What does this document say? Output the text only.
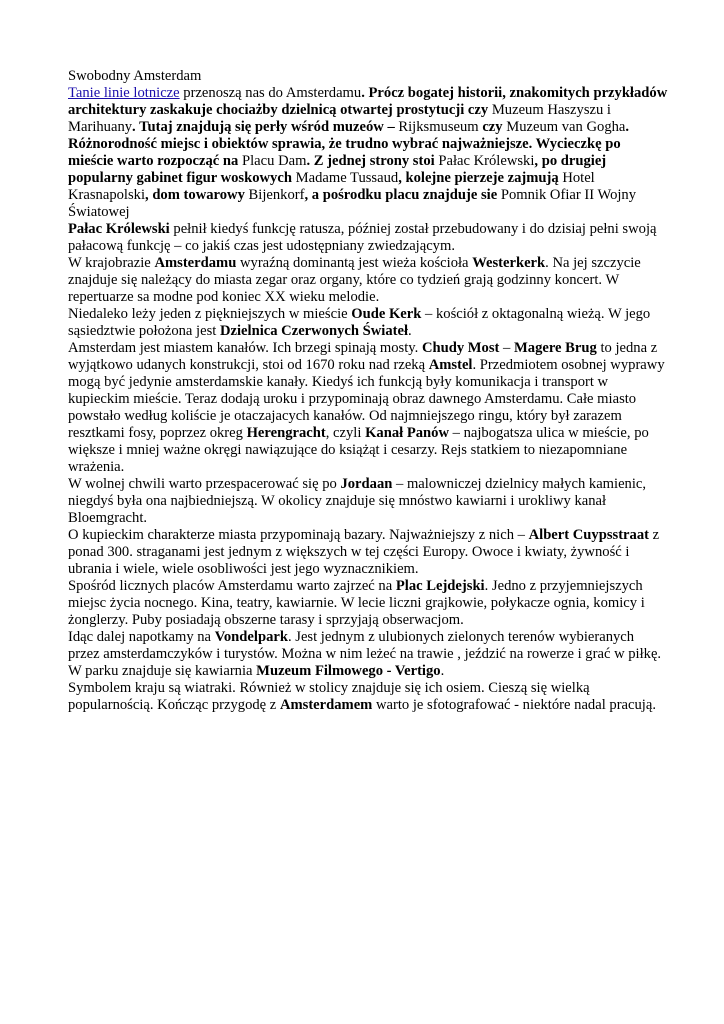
Swobodny Amsterdam

Tanie linie lotnicze przenoszą nas do Amsterdamu. Prócz bogatej historii, znakomitych przykładów architektury zaskakuje chociażby dzielnicą otwartej prostytucji czy Muzeum Haszyszu i Marihuany. Tutaj znajdują się perły wśród muzeów – Rijksmuseum czy Muzeum van Gogha. Różnorodność miejsc i obiektów sprawia, że trudno wybrać najważniejsze. Wycieczkę po mieście warto rozpocząć na Placu Dam. Z jednej strony stoi Pałac Królewski, po drugiej popularny gabinet figur woskowych Madame Tussaud, kolejne pierzeje zajmują Hotel Krasnapolski, dom towarowy Bijenkorf, a pośrodku placu znajduje sie Pomnik Ofiar II Wojny Światowej

Pałac Królewski pełnił kiedyś funkcję ratusza, później został przebudowany i do dzisiaj pełni swoją pałacową funkcję – co jakiś czas jest udostępniany zwiedzającym.

W krajobrazie Amsterdamu wyraźną dominantą jest wieża kościoła Westerkerk. Na jej szczycie znajduje się należący do miasta zegar oraz organy, które co tydzień grają godzinny koncert. W repertuarze sa modne pod koniec XX wieku melodie.

Niedaleko leży jeden z piękniejszych w mieście Oude Kerk – kościół z oktagonalną wieżą. W jego sąsiedztwie położona jest Dzielnica Czerwonych Świateł.

Amsterdam jest miastem kanałów. Ich brzegi spinają mosty. Chudy Most – Magere Brug to jedna z wyjątkowo udanych konstrukcji, stoi od 1670 roku nad rzeką Amstel. Przedmiotem osobnej wyprawy mogą być jedynie amsterdamskie kanały. Kiedyś ich funkcją były komunikacja i transport w kupieckim mieście. Teraz dodają uroku i przypominają obraz dawnego Amsterdamu. Całe miasto powstało według koliście je otaczajacych kanałów. Od najmniejszego ringu, który był zarazem resztkami fosy, poprzez okreg Herengracht, czyli Kanał Panów – najbogatsza ulica w mieście, po większe i mniej ważne okręgi nawiązujące do książąt i cesarzy. Rejs statkiem to niezapomniane wrażenia.

W wolnej chwili warto przespacerować się po Jordaan – malowniczej dzielnicy małych kamienic, niegdyś była ona najbiedniejszą. W okolicy znajduje się mnóstwo kawiarni i urokliwy kanał Bloemgracht.

O kupieckim charakterze miasta przypominają bazary. Najważniejszy z nich – Albert Cuypsstraat z ponad 300. straganami jest jednym z większych w tej części Europy. Owoce i kwiaty, żywność i ubrania i wiele, wiele osobliwości jest jego wyznacznikiem.

Spośród licznych placów Amsterdamu warto zajrzeć na Plac Lejdejski. Jedno z przyjemniejszych miejsc życia nocnego. Kina, teatry, kawiarnie. W lecie liczni grajkowie, połykacze ognia, komicy i żonglerzy. Puby posiadają obszerne tarasy i sprzyjają obserwacjom.

Idąc dalej napotkamy na Vondelpark. Jest jednym z ulubionych zielonych terenów wybieranych przez amsterdamczyków i turystów. Można w nim leżeć na trawie , jeździć na rowerze i grać w piłkę. W parku znajduje się kawiarnia Muzeum Filmowego - Vertigo.

Symbolem kraju są wiatraki. Również w stolicy znajduje się ich osiem. Cieszą się wielką popularnością. Kończąc przygodę z Amsterdamem warto je sfotografować - niektóre nadal pracują.
